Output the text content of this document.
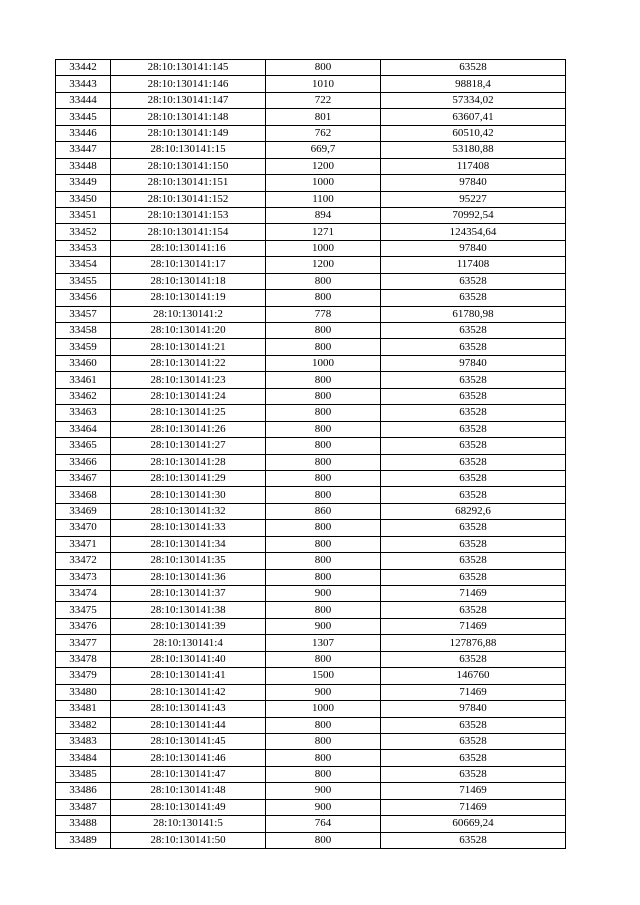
33442	28:10:130141:145	800	63528
33443	28:10:130141:146	1010	98818,4
33444	28:10:130141:147	722	57334,02
33445	28:10:130141:148	801	63607,41
33446	28:10:130141:149	762	60510,42
33447	28:10:130141:15	669,7	53180,88
33448	28:10:130141:150	1200	117408
33449	28:10:130141:151	1000	97840
33450	28:10:130141:152	1100	95227
33451	28:10:130141:153	894	70992,54
33452	28:10:130141:154	1271	124354,64
33453	28:10:130141:16	1000	97840
33454	28:10:130141:17	1200	117408
33455	28:10:130141:18	800	63528
33456	28:10:130141:19	800	63528
33457	28:10:130141:2	778	61780,98
33458	28:10:130141:20	800	63528
33459	28:10:130141:21	800	63528
33460	28:10:130141:22	1000	97840
33461	28:10:130141:23	800	63528
33462	28:10:130141:24	800	63528
33463	28:10:130141:25	800	63528
33464	28:10:130141:26	800	63528
33465	28:10:130141:27	800	63528
33466	28:10:130141:28	800	63528
33467	28:10:130141:29	800	63528
33468	28:10:130141:30	800	63528
33469	28:10:130141:32	860	68292,6
33470	28:10:130141:33	800	63528
33471	28:10:130141:34	800	63528
33472	28:10:130141:35	800	63528
33473	28:10:130141:36	800	63528
33474	28:10:130141:37	900	71469
33475	28:10:130141:38	800	63528
33476	28:10:130141:39	900	71469
33477	28:10:130141:4	1307	127876,88
33478	28:10:130141:40	800	63528
33479	28:10:130141:41	1500	146760
33480	28:10:130141:42	900	71469
33481	28:10:130141:43	1000	97840
33482	28:10:130141:44	800	63528
33483	28:10:130141:45	800	63528
33484	28:10:130141:46	800	63528
33485	28:10:130141:47	800	63528
33486	28:10:130141:48	900	71469
33487	28:10:130141:49	900	71469
33488	28:10:130141:5	764	60669,24
33489	28:10:130141:50	800	63528
